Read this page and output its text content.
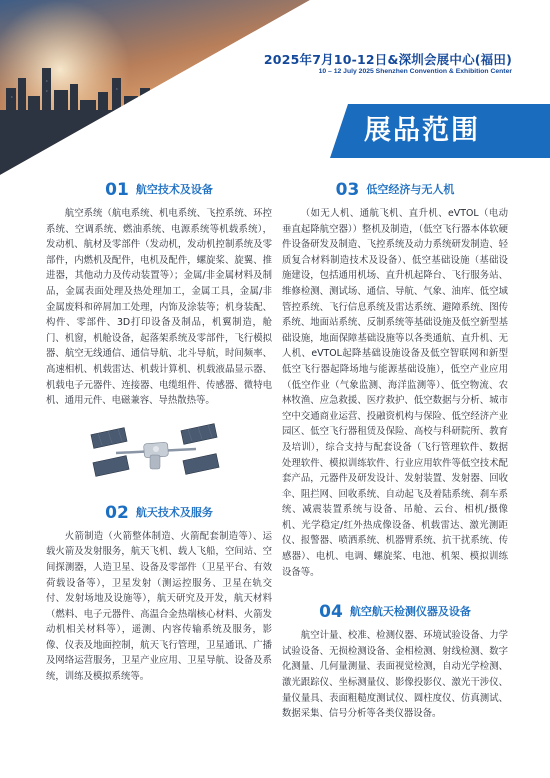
2025年7月10-12日&深圳会展中心(福田)

10 – 12 July 2025 Shenzhen Convention & Exhibition Center

展品范围
01 航空技术及设备

航空系统（航电系统、机电系统、飞控系统、环控系统、空调系统、燃油系统、电源系统等机载系统），发动机、航材及零部件（发动机，发动机控制系统及零部件，内燃机及配件，电机及配件，螺旋桨、旋翼、推进器，其他动力及传动装置等）；金属/非金属材料及制品，金属表面处理及热处理加工，金属工具，金属/非金属废料和碎屑加工处理，内饰及涂装等；机身装配、构件、零部件、3D打印设备及制品，机翼制造，舱门、机窗，机舱设备，起落架系统及零部件，飞行模拟器、航空无线通信、通信导航、北斗导航，时间频率、高速相机、机载雷达、机载计算机、机载液晶显示器、机载电子元器件、连接器、电缆组件、传感器、微特电机、通用元件、电磁兼容、导热散热等。

02 航天技术及服务

火箭制造（火箭整体制造、火箭配套制造等）、运载火箭及发射服务，航天飞机、载人飞船，空间站、空间探测器，人造卫星、设备及零部件（卫星平台、有效荷载设备等），卫星发射（测运控服务、卫星在轨交付、发射场地及设施等），航天研究及开发，航天材料（燃料、电子元器件、高温合金热端核心材料、火箭发动机相关材料等），遥测、内容传输系统及服务，影像、仪表及地面控制，航天飞行管理，卫星通讯、广播及网络运营服务，卫星产业应用、卫星导航、设备及系统，训练及模拟系统等。

03 低空经济与无人机

（如无人机、通航飞机、直升机、eVTOL（电动垂直起降航空器））整机及制造，（低空飞行器本体软硬件设备研发及制造、飞控系统及动力系统研发制造、轻质复合材料制造技术及设备）、低空基础设施（基础设施建设，包括通用机场、直升机起降台、飞行服务站、维修检测、测试场、通信、导航、气象、油库、低空域管控系统、飞行信息系统及雷达系统、避障系统、图传系统、地面站系统、反制系统等基础设施及低空新型基础设施，地面保障基础设施等以各类通航、直升机、无人机、eVTOL起降基础设施设备及低空智联网和新型低空飞行器起降场地与能源基础设施），低空产业应用（低空作业（气象监测、海洋监测等）、低空物流、农林牧渔、应急救援、医疗救护、低空数据与分析、城市空中交通商业运营、投融资机构与保险、低空经济产业园区、低空飞行器租赁及保险、高校与科研院所、教育及培训），综合支持与配套设备（飞行管理软件、数据处理软件、模拟训练软件、行业应用软件等低空技术配套产品，元器件及研发设计、发射装置、发射器、回收伞、阻拦网、回收系统、自动起飞及着陆系统、刹车系统、减震装置系统与设备、吊舱、云台、相机/摄像机、光学稳定/红外热成像设备、机载雷达、激光测距仪、报警器、喷洒系统、机器臂系统、抗干扰系统、传感器）、电机、电调、螺旋桨、电池、机架、模拟训练设备等。

04 航空航天检测仪器及设备

航空计量、校准、检测仪器、环境试验设备、力学试验设备、无损检测设备、金相检测、射线检测、数字化测量、几何量测量、表面视觉检测，自动光学检测、激光跟踪仪、坐标测量仪、影像投影仪、激光干涉仪、量仪量具、表面粗糙度测试仪、圆柱度仪、仿真测试、数据采集、信号分析等各类仪器设备。
